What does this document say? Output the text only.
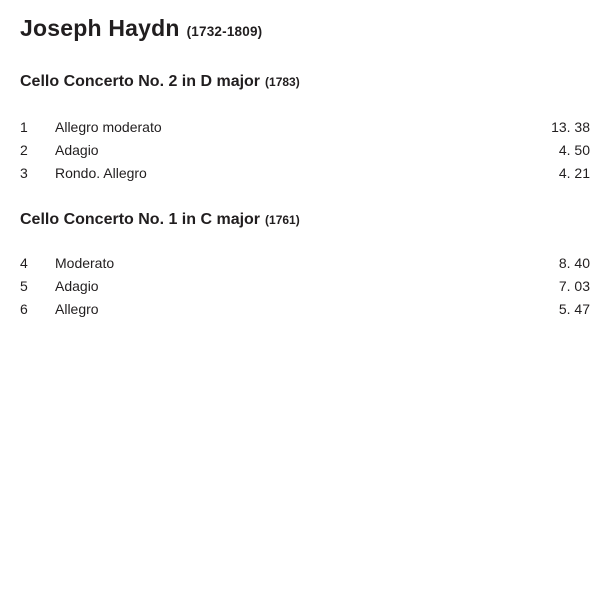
Joseph Haydn (1732-1809)
Cello Concerto No. 2 in D major (1783)
1	Allegro moderato	13. 38
2	Adagio	4. 50
3	Rondo. Allegro	4. 21
Cello Concerto No. 1 in C major (1761)
4	Moderato	8. 40
5	Adagio	7. 03
6	Allegro	5. 47
